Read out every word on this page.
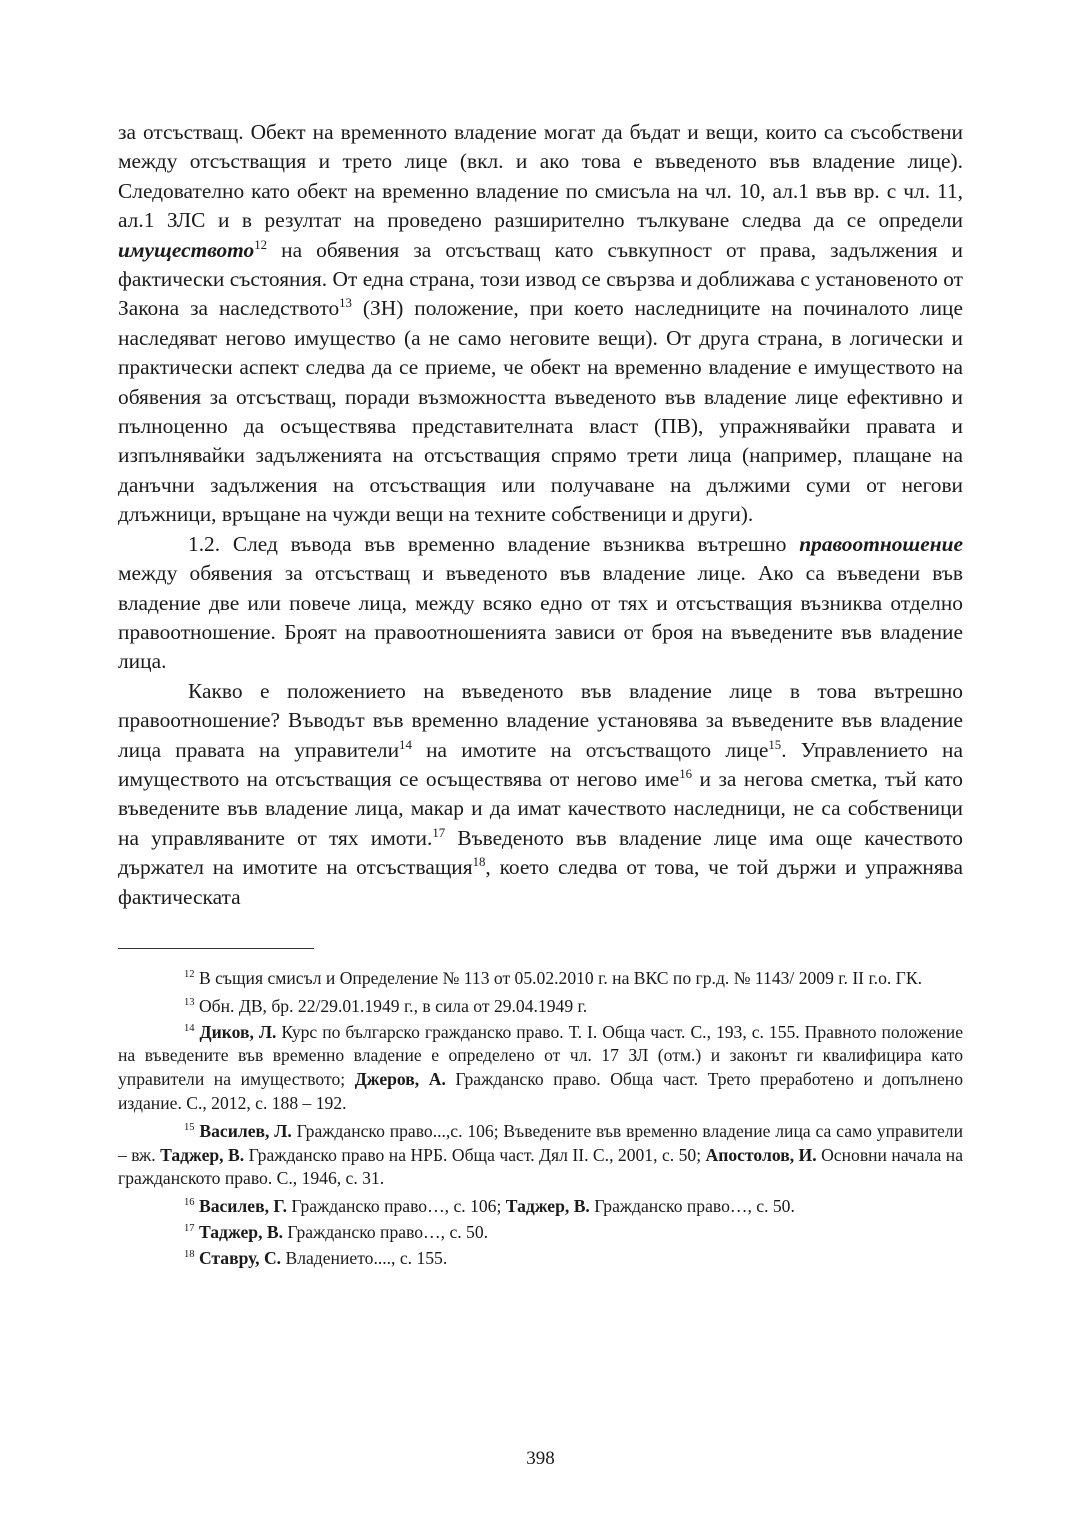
за отсъстващ. Обект на временното владение могат да бъдат и вещи, които са съсобствени между отсъстващия и трето лице (вкл. и ако това е въведеното във владение лице). Следователно като обект на временно владение по смисъла на чл. 10, ал.1 във вр. с чл. 11, ал.1 ЗЛС и в резултат на проведено разширително тълкуване следва да се определи имуществото$^{12}$ на обявения за отсъстващ като съвкупност от права, задължения и фактически състояния. От една страна, този извод се свързва и доближава с установеното от Закона за наследството$^{13}$ (ЗН) положение, при което наследниците на починалото лице наследяват негово имущество (а не само неговите вещи). От друга страна, в логически и практически аспект следва да се приеме, че обект на временно владение е имуществото на обявения за отсъстващ, поради възможността въведеното във владение лице ефективно и пълноценно да осъществява представителната власт (ПВ), упражнявайки правата и изпълнявайки задълженията на отсъстващия спрямо трети лица (например, плащане на данъчни задължения на отсъстващия или получаване на дължими суми от негови длъжници, връщане на чужди вещи на техните собственици и други).

1.2. След въвода във временно владение възниква вътрешно правоотношение между обявения за отсъстващ и въведеното във владение лице. Ако са въведени във владение две или повече лица, между всяко едно от тях и отсъстващия възниква отделно правоотношение. Броят на правоотношенията зависи от броя на въведените във владение лица.

Какво е положението на въведеното във владение лице в това вътрешно правоотношение? Въводът във временно владение установява за въведените във владение лица правата на управители$^{14}$ на имотите на отсъстващото лице$^{15}$. Управлението на имуществото на отсъстващия се осъществява от негово име$^{16}$ и за негова сметка, тъй като въведените във владение лица, макар и да имат качеството наследници, не са собственици на управляваните от тях имоти.$^{17}$ Въведеното във владение лице има още качеството държател на имотите на отсъстващия$^{18}$, което следва от това, че той държи и упражнява фактическата

$^{12}$ В същия смисъл и Определение № 113 от 05.02.2010 г. на ВКС по гр.д. № 1143/ 2009 г. II г.о. ГК.

$^{13}$ Обн. ДВ, бр. 22/29.01.1949 г., в сила от 29.04.1949 г.

$^{14}$ Диков, Л. Курс по българско гражданско право. Т. I. Обща част. С., 193, с. 155. Правното положение на въведените във временно владение е определено от чл. 17 ЗЛ (отм.) и законът ги квалифицира като управители на имуществото; Джеров, А. Гражданско право. Обща част. Трето преработено и допълнено издание. С., 2012, с. 188 – 192.

$^{15}$ Василев, Л. Гражданско право...,с. 106; Въведените във временно владение лица са само управители – вж. Таджер, В. Гражданско право на НРБ. Обща част. Дял II. С., 2001, с. 50; Апостолов, И. Основни начала на гражданското право. С., 1946, с. 31.

$^{16}$ Василев, Г. Гражданско право…, с. 106; Таджер, В. Гражданско право…, с. 50.

$^{17}$ Таджер, В. Гражданско право…, с. 50.

$^{18}$ Ставру, С. Владението...., с. 155.

398
